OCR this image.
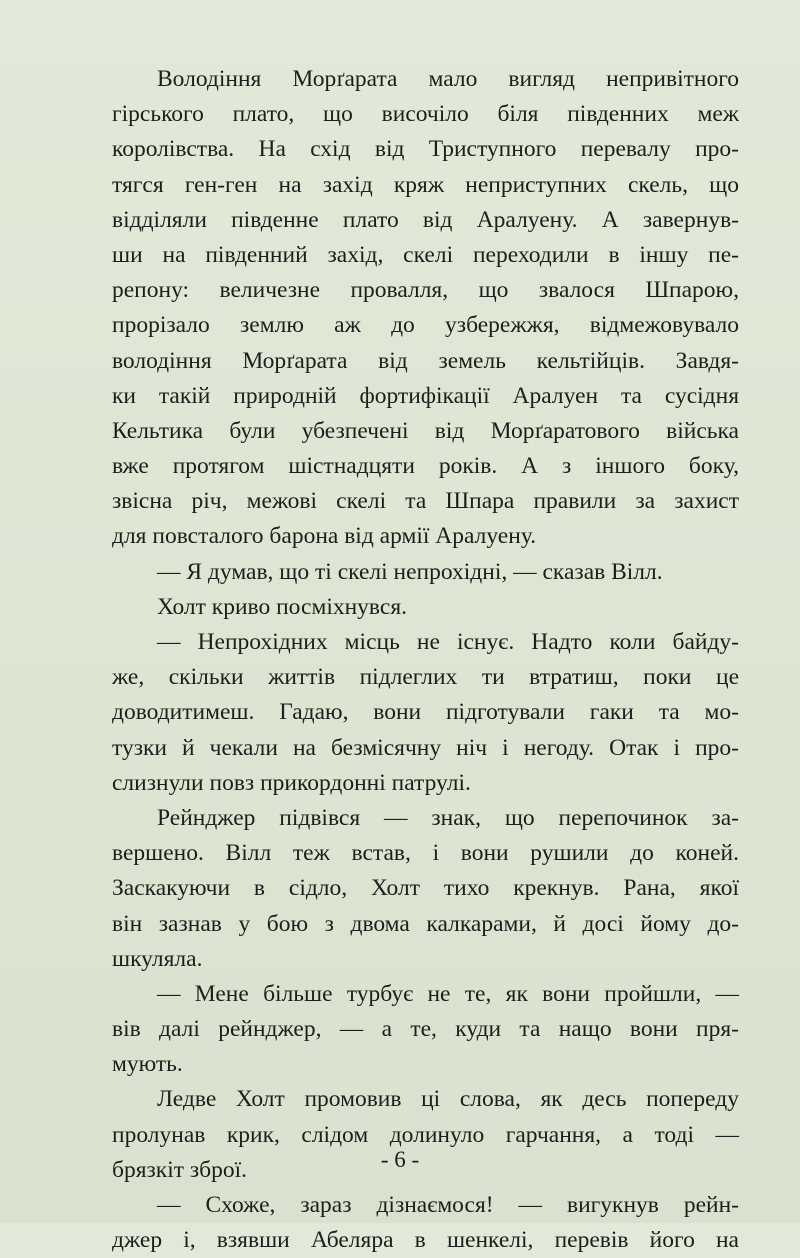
Володіння Морґарата мало вигляд непривітного
гірського плато, що височіло біля південних меж
королівства. На схід від Триступного перевалу про-
тягся ген-ген на захід кряж неприступних скель, що
відділяли південне плато від Аралуену. А завернув-
ши на південний захід, скелі переходили в іншу пе-
репону: величезне провалля, що звалося Шпарою,
прорізало землю аж до узбережжя, відмежовувало
володіння Морґарата від земель кельтійців. Завдя-
ки такій природній фортифікації Аралуен та сусідня
Кельтика були убезпечені від Морґаратового війська
вже протягом шістнадцяти років. А з іншого боку,
звісна річ, межові скелі та Шпара правили за захист
для повсталого барона від армії Аралуену.
— Я думав, що ті скелі непрохідні, — сказав Вілл.
Холт криво посміхнувся.
— Непрохідних місць не існує. Надто коли байду-
же, скільки життів підлеглих ти втратиш, поки це
доводитимеш. Гадаю, вони підготували гаки та мо-
тузки й чекали на безмісячну ніч і негоду. Отак і про-
слизнули повз прикордонні патрулі.
Рейнджер підвівся — знак, що перепочинок за-
вершено. Вілл теж встав, і вони рушили до коней.
Заскакуючи в сідло, Холт тихо крекнув. Рана, якої
він зазнав у бою з двома калкарами, й досі йому до-
шкуляла.
— Мене більше турбує не те, як вони пройшли, —
вів далі рейнджер, — а те, куди та нащо вони пря-
мують.
Ледве Холт промовив ці слова, як десь попереду
пролунав крик, слідом долинуло гарчання, а тоді —
брязкіт зброї.
— Схоже, зараз дізнаємося! — вигукнув рейн-
джер і, взявши Абеляра в шенкелі, перевів його на
- 6 -
